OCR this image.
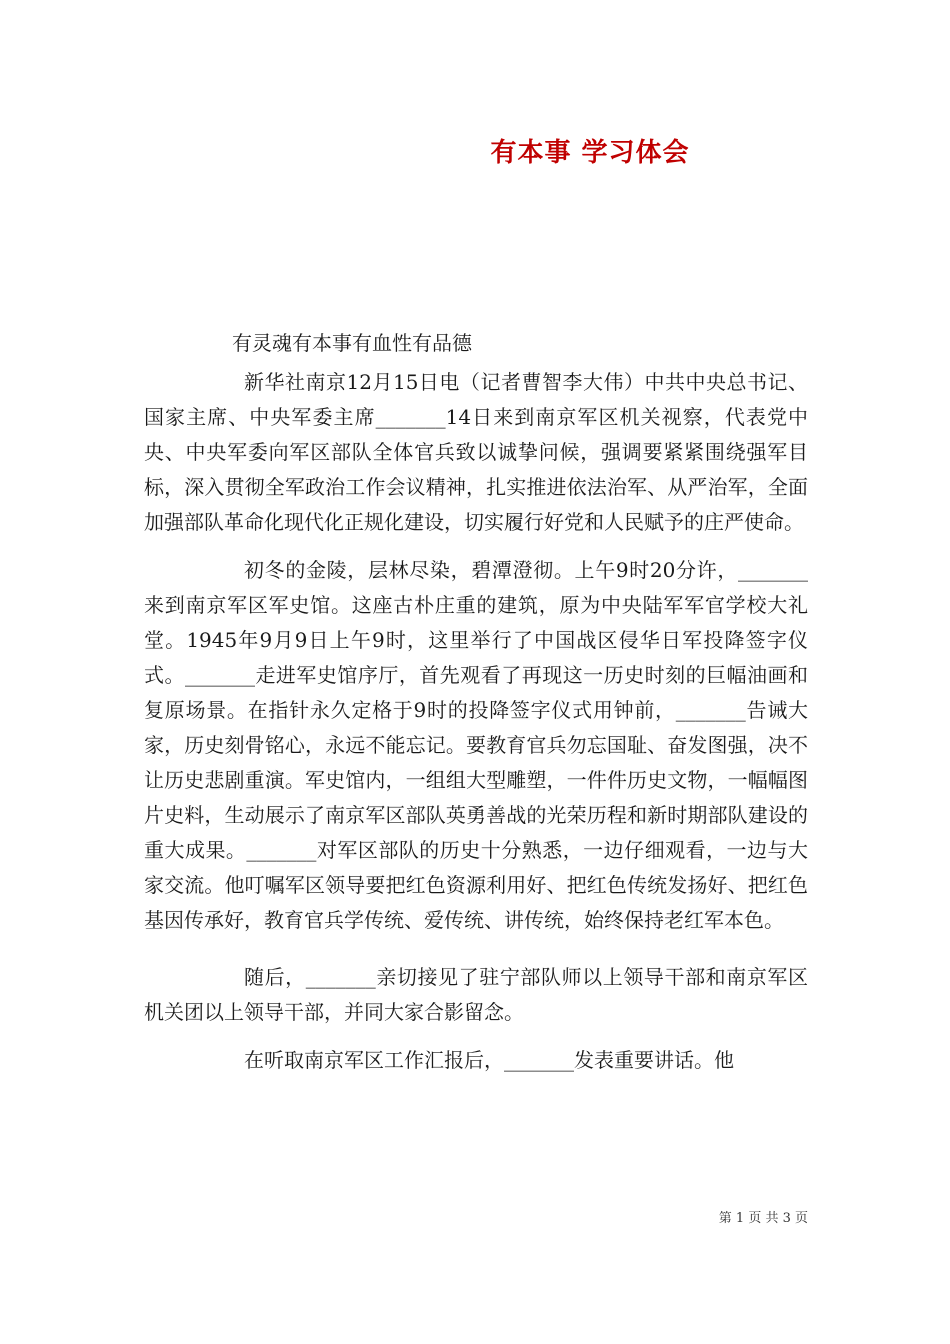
有本事 学习体会
有灵魂有本事有血性有品德

新华社南京12月15日电（记者曹智李大伟）中共中央总书记、国家主席、中央军委主席_______14日来到南京军区机关视察，代表党中央、中央军委向军区部队全体官兵致以诚挚问候，强调要紧紧围绕强军目标，深入贯彻全军政治工作会议精神，扎实推进依法治军、从严治军，全面加强部队革命化现代化正规化建设，切实履行好党和人民赋予的庄严使命。

初冬的金陵，层林尽染，碧潭澄彻。上午9时20分许，_______来到南京军区军史馆。这座古朴庄重的建筑，原为中央陆军军官学校大礼堂。1945年9月9日上午9时，这里举行了中国战区侵华日军投降签字仪式。_______走进军史馆序厅，首先观看了再现这一历史时刻的巨幅油画和复原场景。在指针永久定格于9时的投降签字仪式用钟前，_______告诫大家，历史刻骨铭心，永远不能忘记。要教育官兵勿忘国耻、奋发图强，决不让历史悲剧重演。军史馆内，一组组大型雕塑，一件件历史文物，一幅幅图片史料，生动展示了南京军区部队英勇善战的光荣历程和新时期部队建设的重大成果。_______对军区部队的历史十分熟悉，一边仔细观看，一边与大家交流。他叮嘱军区领导要把红色资源利用好、把红色传统发扬好、把红色基因传承好，教育官兵学传统、爱传统、讲传统，始终保持老红军本色。

随后，_______亲切接见了驻宁部队师以上领导干部和南京军区机关团以上领导干部，并同大家合影留念。

在听取南京军区工作汇报后，_______发表重要讲话。他

第 1 页 共 3 页
